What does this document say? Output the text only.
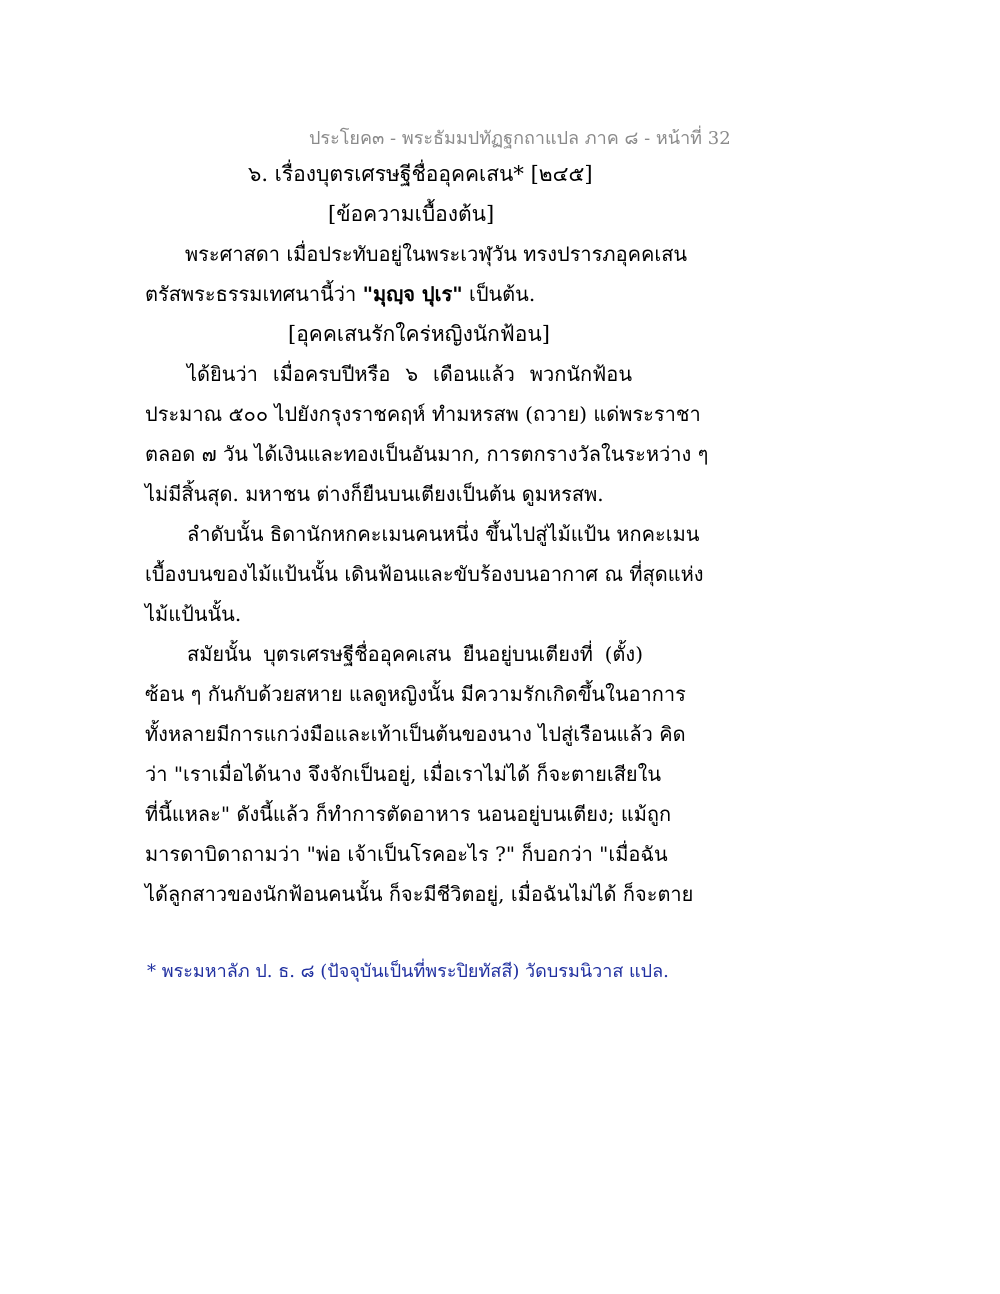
ประโยค๓ - พระธัมมปทัฏฐกถาแปล ภาค ๘ - หน้าที่ 32
๖. เรื่องบุตรเศรษฐีชื่ออุคคเสน* [๒๔๕]
[ข้อความเบื้องต้น]
พระศาสดา เมื่อประทับอยู่ในพระเวฬุวัน ทรงปรารภอุคคเสน
ตรัสพระธรรมเทศนานี้ว่า "มุญฺจ ปุเร" เป็นต้น.
[อุคคเสนรักใคร่หญิงนักฟ้อน]
ได้ยินว่า เมื่อครบปีหรือ ๖ เดือนแล้ว พวกนักฟ้อน
ประมาณ ๕๐๐ ไปยังกรุงราชคฤห์ ทำมหรสพ (ถวาย) แด่พระราชา
ตลอด ๗ วัน ได้เงินและทองเป็นอันมาก, การตกรางวัลในระหว่าง ๆ
ไม่มีสิ้นสุด. มหาชน ต่างก็ยืนบนเตียงเป็นต้น ดูมหรสพ.
ลำดับนั้น ธิดานักหกคะเมนคนหนึ่ง ขึ้นไปสู่ไม้แป้น หกคะเมน
เบื้องบนของไม้แป้นนั้น เดินฟ้อนและขับร้องบนอากาศ ณ ที่สุดแห่ง
ไม้แป้นนั้น.
สมัยนั้น บุตรเศรษฐีชื่ออุคคเสน ยืนอยู่บนเตียงที่ (ตั้ง)
ซ้อน ๆ กันกับด้วยสหาย แลดูหญิงนั้น มีความรักเกิดขึ้นในอาการ
ทั้งหลายมีการแกว่งมือและเท้าเป็นต้นของนาง ไปสู่เรือนแล้ว คิด
ว่า "เราเมื่อได้นาง จึงจักเป็นอยู่, เมื่อเราไม่ได้ ก็จะตายเสียใน
ที่นี้แหละ" ดังนี้แล้ว ก็ทำการตัดอาหาร นอนอยู่บนเตียง; แม้ถูก
มารดาบิดาถามว่า "พ่อ เจ้าเป็นโรคอะไร ?" ก็บอกว่า "เมื่อฉัน
ได้ลูกสาวของนักฟ้อนคนนั้น ก็จะมีชีวิตอยู่, เมื่อฉันไม่ได้ ก็จะตาย
* พระมหาลัภ ป. ธ. ๘ (ปัจจุบันเป็นที่พระปิยทัสสี) วัดบรมนิวาส แปล.
